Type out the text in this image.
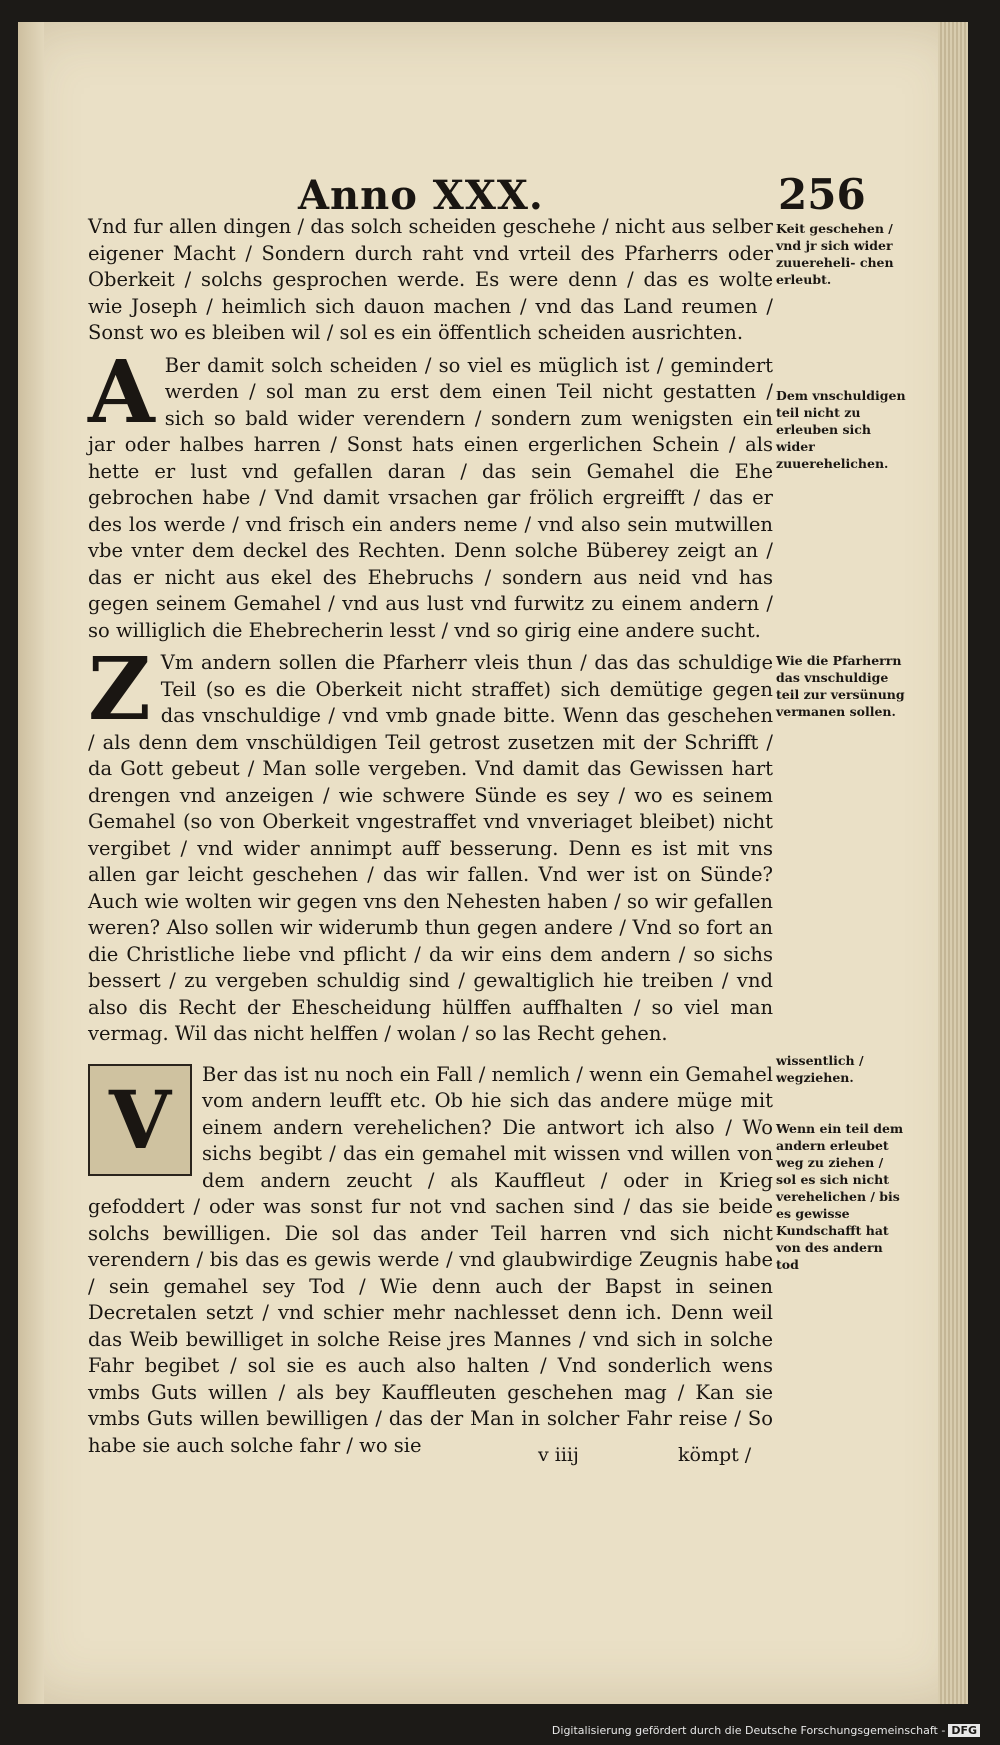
Anno XXX.	256

Vnd fur allen dingen / das solch scheiden geschehe / nicht aus selber eigener Macht / Sondern durch raht vnd vrteil des Pfarherrs oder Oberkeit / solchs gesprochen werde. Es were denn / das es wolte wie Joseph / heimlich sich dauon machen / vnd das Land reumen / Sonst wo es bleiben wil / sol es ein öffentlich scheiden ausrichten.

A Ber damit solch scheiden / so viel es müglich ist / gemindert werden / sol man zu erst dem einen Teil nicht gestatten / sich so bald wider verendern / sondern zum wenigsten ein jar oder halbes harren / Sonst hats einen ergerlichen Schein / als hette er lust vnd gefallen daran / das sein Gemahel die Ehe gebrochen habe / Vnd damit vrsachen gar frölich ergreifft / das er des los werde / vnd frisch ein anders neme / vnd also sein mutwillen vbe vnter dem deckel des Rechten. Denn solche Büberey zeigt an / das er nicht aus ekel des Ehebruchs / sondern aus neid vnd has gegen seinem Gemahel / vnd aus lust vnd furwitz zu einem andern / so williglich die Ehebrecherin lesst / vnd so girig eine andere sucht.

Z Vm andern sollen die Pfarherr vleis thun / das das schuldige Teil (so es die Oberkeit nicht straffet) sich demütige gegen das vnschuldige / vnd vmb gnade bitte. Wenn das geschehen / als denn dem vnschüldigen Teil getrost zusetzen mit der Schrifft / da Gott gebeut / Man solle vergeben. Vnd damit das Gewissen hart drengen vnd anzeigen / wie schwere Sünde es sey / wo es seinem Gemahel (so von Oberkeit vngestraffet vnd vnveriaget bleibet) nicht vergibet / vnd wider annimpt auff besserung. Denn es ist mit vns allen gar leicht geschehen / das wir fallen. Vnd wer ist on Sünde? Auch wie wolten wir gegen vns den Nehesten haben / so wir gefallen weren? Also sollen wir widerumb thun gegen andere / Vnd so fort an die Christliche liebe vnd pflicht / da wir eins dem andern / so sichs bessert / zu vergeben schuldig sind / gewaltiglich hie treiben / vnd also dis Recht der Ehescheidung hülffen auffhalten / so viel man vermag. Wil das nicht helffen / wolan / so las Recht gehen.

V	Ber das ist nu noch ein Fall / nemlich / wenn ein Gemahel vom andern leufft etc. Ob hie sich das andere müge mit einem andern verehelichen? Die antwort ich also / Wo sichs begibt / das ein gemahel mit wissen vnd willen von dem andern zeucht / als Kauffleut / oder in Krieg gefoddert / oder was sonst fur not vnd sachen sind / das sie beide solchs bewilligen. Die sol das ander Teil harren vnd sich nicht verendern / bis das es gewis werde / vnd glaubwirdige Zeugnis habe / sein gemahel sey Tod / Wie denn auch der Bapst in seinen Decretalen setzt / vnd schier mehr nachlesset denn ich. Denn weil das Weib bewilliget in solche Reise jres Mannes / vnd sich in solche Fahr begibet / sol sie es auch also halten / Vnd sonderlich wens vmbs Guts willen / als bey Kauffleuten geschehen mag / Kan sie vmbs Guts willen bewilligen / das der Man in solcher Fahr reise / So habe sie auch solche fahr / wo sie

Keit geschehen / vnd jr sich wider zuuereheli- chen erleubt.
Dem vnschuldigen teil nicht zu erleuben sich wider zuuerehelichen.
Wie die Pfarherrn das vnschuldige teil zur versünung vermanen sollen.
wissentlich / wegziehen.
Wenn ein teil dem andern erleubet weg zu ziehen / sol es sich nicht verehelichen / bis es gewisse Kundschafft hat von des andern tod
v iiij	kömpt /
Digitalisierung gefördert durch die Deutsche Forschungsgemeinschaft - DFG
